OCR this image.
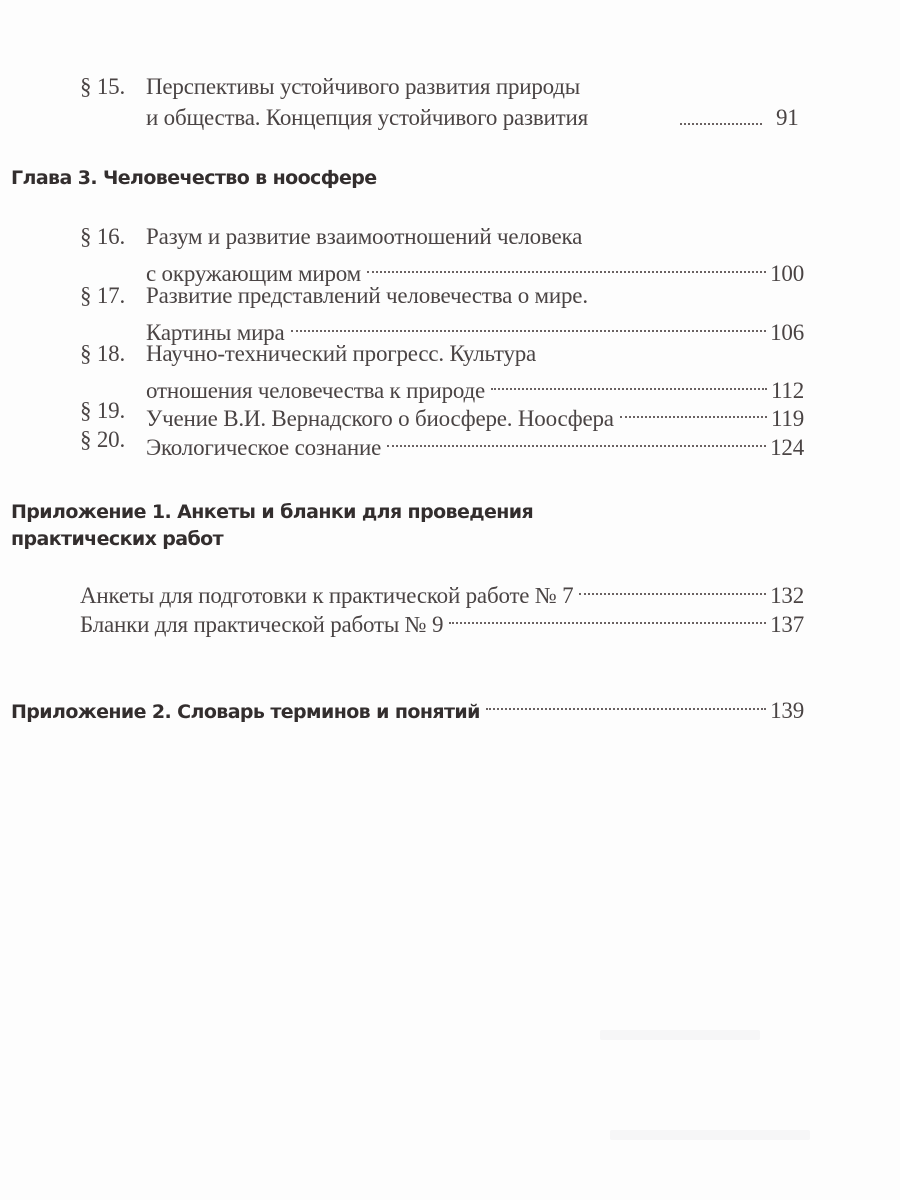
§ 15. Перспективы устойчивого развития природы
и общества. Концепция устойчивого развития	91
Глава 3. Человечество в ноосфере
§ 16. Разум и развитие взаимоотношений человека
с окружающим миром	100
§ 17. Развитие представлений человечества о мире.
Картины мира	106
§ 18. Научно-технический прогресс. Культура
отношения человечества к природе	112
§ 19. Учение В.И. Вернадского о биосфере. Ноосфера	119
§ 20. Экологическое сознание	124
Приложение 1. Анкеты и бланки для проведения
практических работ
Анкеты для подготовки к практической работе № 7	132
Бланки для практической работы № 9	137
Приложение 2. Словарь терминов и понятий	139
